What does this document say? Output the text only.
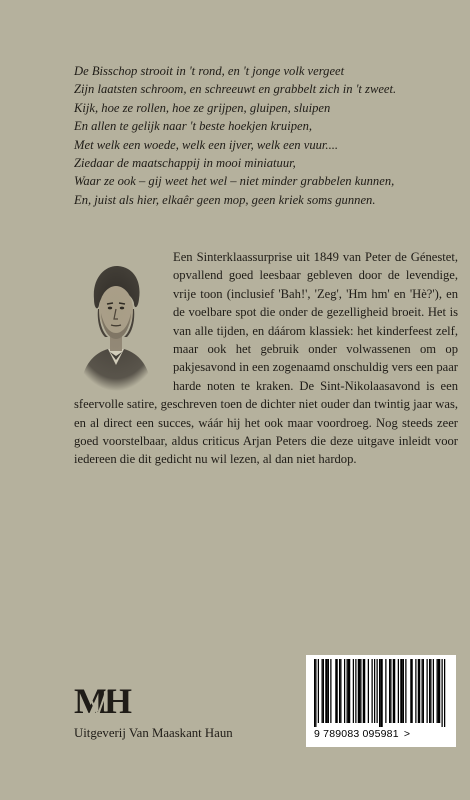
De Bisschop strooit in 't rond, en 't jonge volk vergeet
Zijn laatsten schroom, en schreeuwt en grabbelt zich in 't zweet.
Kijk, hoe ze rollen, hoe ze grijpen, gluipen, sluipen
En allen te gelijk naar 't beste hoekjen kruipen,
Met welk een woede, welk een ijver, welk een vuur....
Ziedaar de maatschappij in mooi miniatuur,
Waar ze ook – gij weet het wel – niet minder grabbelen kunnen,
En, juist als hier, elkaêr geen mop, geen kriek soms gunnen.

Een Sinterklaassurprise uit 1849 van Peter de Génestet, opvallend goed leesbaar gebleven door de levendige, vrije toon (inclusief 'Bah!', 'Zeg', 'Hm hm' en 'Hè?'), en de voelbare spot die onder de gezelligheid broeit. Het is van alle tijden, en dáárom klassiek: het kinderfeest zelf, maar ook het gebruik onder volwassenen om op pakjesavond in een zogenaamd onschuldig vers een paar harde noten te kraken. De Sint-Nikolaasavond is een sfeervolle satire, geschreven toen de dichter niet ouder dan twintig jaar was, en al direct een succes, wáár hij het ook maar voordroeg. Nog steeds zeer goed voorstelbaar, aldus criticus Arjan Peters die deze uitgave inleidt voor iedereen die dit gedicht nu wil lezen, al dan niet hardop.

M H
Uitgeverij Van Maaskant Haun	9 789083 095981 >
